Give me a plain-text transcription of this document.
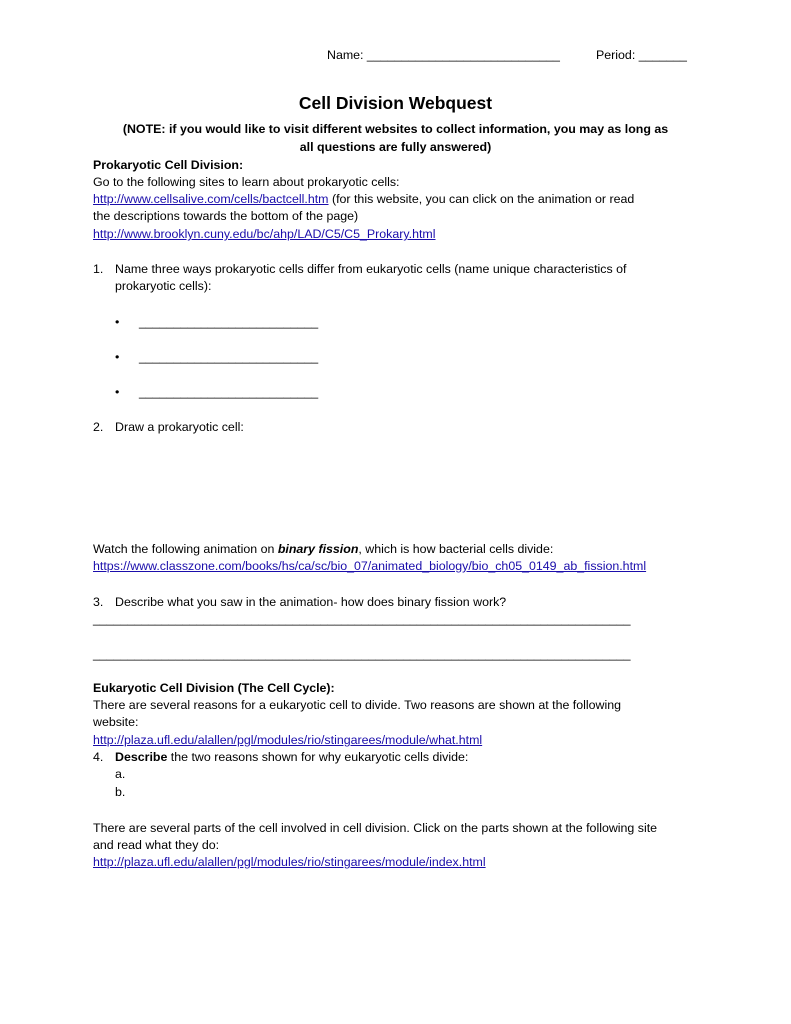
Name: ____________________________	Period: _______
Cell Division Webquest
(NOTE: if you would like to visit different websites to collect information, you may as long as
all questions are fully answered)
Prokaryotic Cell Division:
Go to the following sites to learn about prokaryotic cells:
http://www.cellsalive.com/cells/bactcell.htm (for this website, you can click on the animation or read
the descriptions towards the bottom of the page)
http://www.brooklyn.cuny.edu/bc/ahp/LAD/C5/C5_Prokary.html
1. Name three ways prokaryotic cells differ from eukaryotic cells (name unique characteristics of
prokaryotic cells):
• __________________________
• __________________________
• __________________________
2. Draw a prokaryotic cell:
Watch the following animation on binary fission, which is how bacterial cells divide:
https://www.classzone.com/books/hs/ca/sc/bio_07/animated_biology/bio_ch05_0149_ab_fission.html
3. Describe what you saw in the animation- how does binary fission work?
______________________________________________________________________________
______________________________________________________________________________
Eukaryotic Cell Division (The Cell Cycle):
There are several reasons for a eukaryotic cell to divide. Two reasons are shown at the following
website:
http://plaza.ufl.edu/alallen/pgl/modules/rio/stingarees/module/what.html
4. Describe the two reasons shown for why eukaryotic cells divide:
a.
b.
There are several parts of the cell involved in cell division. Click on the parts shown at the following site
and read what they do:
http://plaza.ufl.edu/alallen/pgl/modules/rio/stingarees/module/index.html
